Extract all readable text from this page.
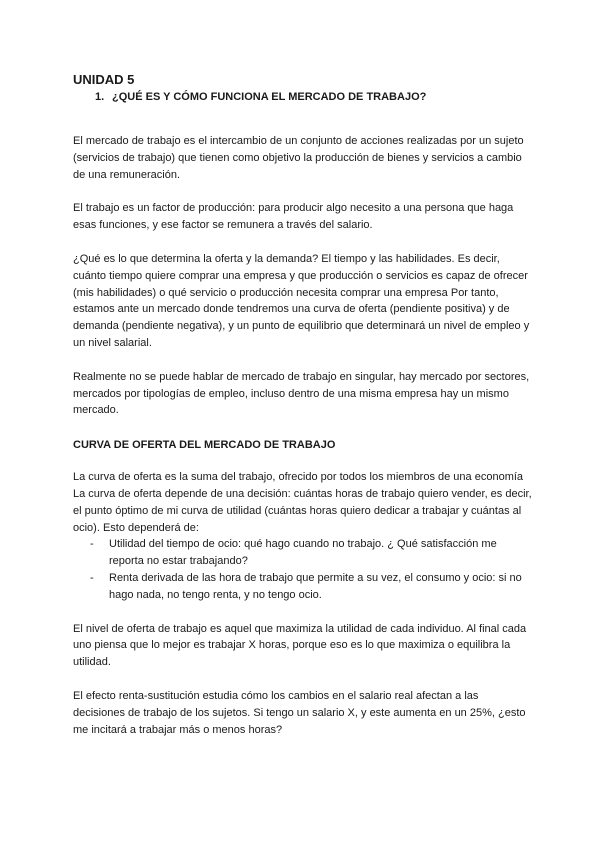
UNIDAD 5
1. ¿QUÉ ES Y CÓMO FUNCIONA EL MERCADO DE TRABAJO?

El mercado de trabajo es el intercambio de un conjunto de acciones realizadas por un sujeto (servicios de trabajo) que tienen como objetivo la producción de bienes y servicios a cambio de una remuneración.

El trabajo es un factor de producción: para producir algo necesito a una persona que haga esas funciones, y ese factor se remunera a través del salario.

¿Qué es lo que determina la oferta y la demanda? El tiempo y las habilidades. Es decir, cuánto tiempo quiere comprar una empresa y que producción o servicios es capaz de ofrecer (mis habilidades) o qué servicio o producción necesita comprar una empresa Por tanto, estamos ante un mercado donde tendremos una curva de oferta (pendiente positiva) y de demanda (pendiente negativa), y un punto de equilibrio que determinará un nivel de empleo y un nivel salarial.

Realmente no se puede hablar de mercado de trabajo en singular, hay mercado por sectores, mercados por tipologías de empleo, incluso dentro de una misma empresa hay un mismo mercado.

CURVA DE OFERTA DEL MERCADO DE TRABAJO

La curva de oferta es la suma del trabajo, ofrecido por todos los miembros de una economía

La curva de oferta depende de una decisión: cuántas horas de trabajo quiero vender, es decir, el punto óptimo de mi curva de utilidad (cuántas horas quiero dedicar a trabajar y cuántas al ocio). Esto dependerá de:

- Utilidad del tiempo de ocio: qué hago cuando no trabajo. ¿ Qué satisfacción me reporta no estar trabajando?
- Renta derivada de las hora de trabajo que permite a su vez, el consumo y ocio: si no hago nada, no tengo renta, y no tengo ocio.

El nivel de oferta de trabajo es aquel que maximiza la utilidad de cada individuo. Al final cada uno piensa que lo mejor es trabajar X horas, porque eso es lo que maximiza o equilibra la utilidad.

El efecto renta-sustitución estudia cómo los cambios en el salario real afectan a las decisiones de trabajo de los sujetos. Si tengo un salario X, y este aumenta en un 25%, ¿esto me incitará a trabajar más o menos horas?
